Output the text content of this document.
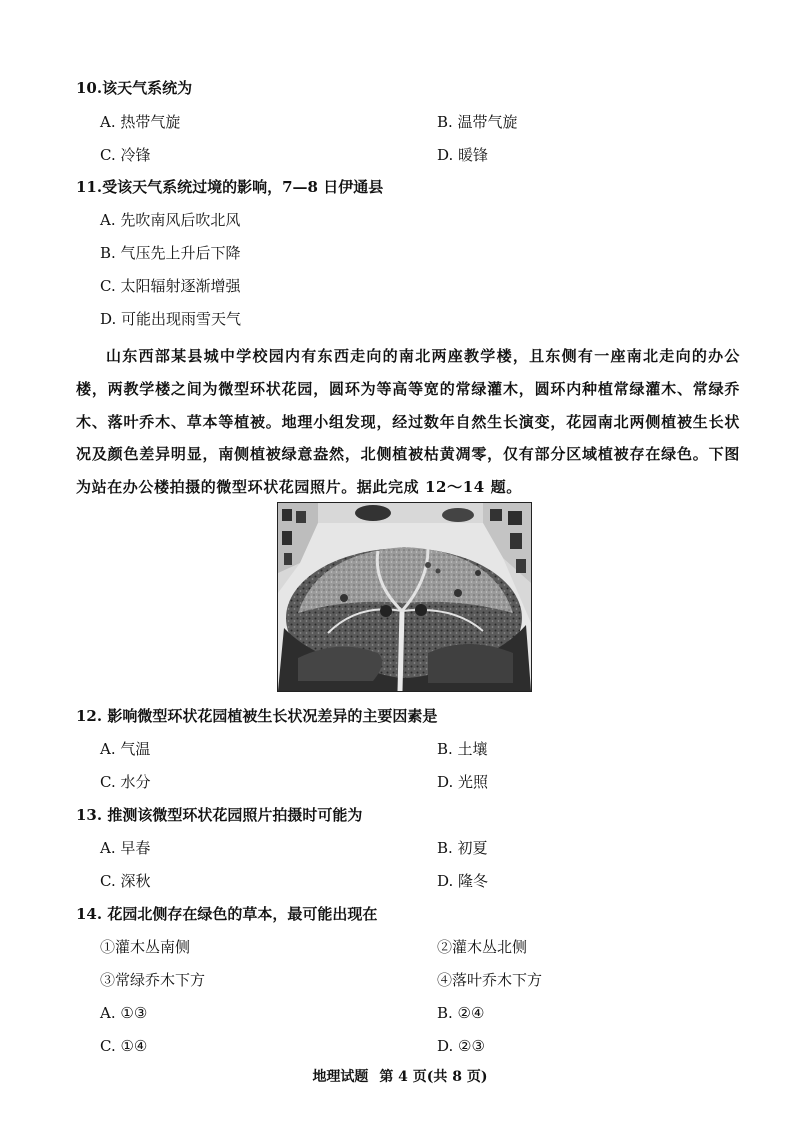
10.该天气系统为
A. 热带气旋	B. 温带气旋
C. 冷锋	D. 暖锋
11.受该天气系统过境的影响，7—8 日伊通县
A. 先吹南风后吹北风
B. 气压先上升后下降
C. 太阳辐射逐渐增强
D. 可能出现雨雪天气
山东西部某县城中学校园内有东西走向的南北两座教学楼，且东侧有一座南北走向的办公楼，两教学楼之间为微型环状花园，圆环为等高等宽的常绿灌木，圆环内种植常绿灌木、常绿乔木、落叶乔木、草本等植被。地理小组发现，经过数年自然生长演变，花园南北两侧植被生长状况及颜色差异明显，南侧植被绿意盎然，北侧植被枯黄凋零，仅有部分区域植被存在绿色。下图为站在办公楼拍摄的微型环状花园照片。据此完成 12～14 题。
12. 影响微型环状花园植被生长状况差异的主要因素是
A. 气温	B. 土壤
C. 水分	D. 光照
13. 推测该微型环状花园照片拍摄时可能为
A. 早春	B. 初夏
C. 深秋	D. 隆冬
14. 花园北侧存在绿色的草本，最可能出现在
①灌木丛南侧	②灌木丛北侧
③常绿乔木下方	④落叶乔木下方
A. ①③	B. ②④
C. ①④	D. ②③
地理试题 第 4 页(共 8 页)
